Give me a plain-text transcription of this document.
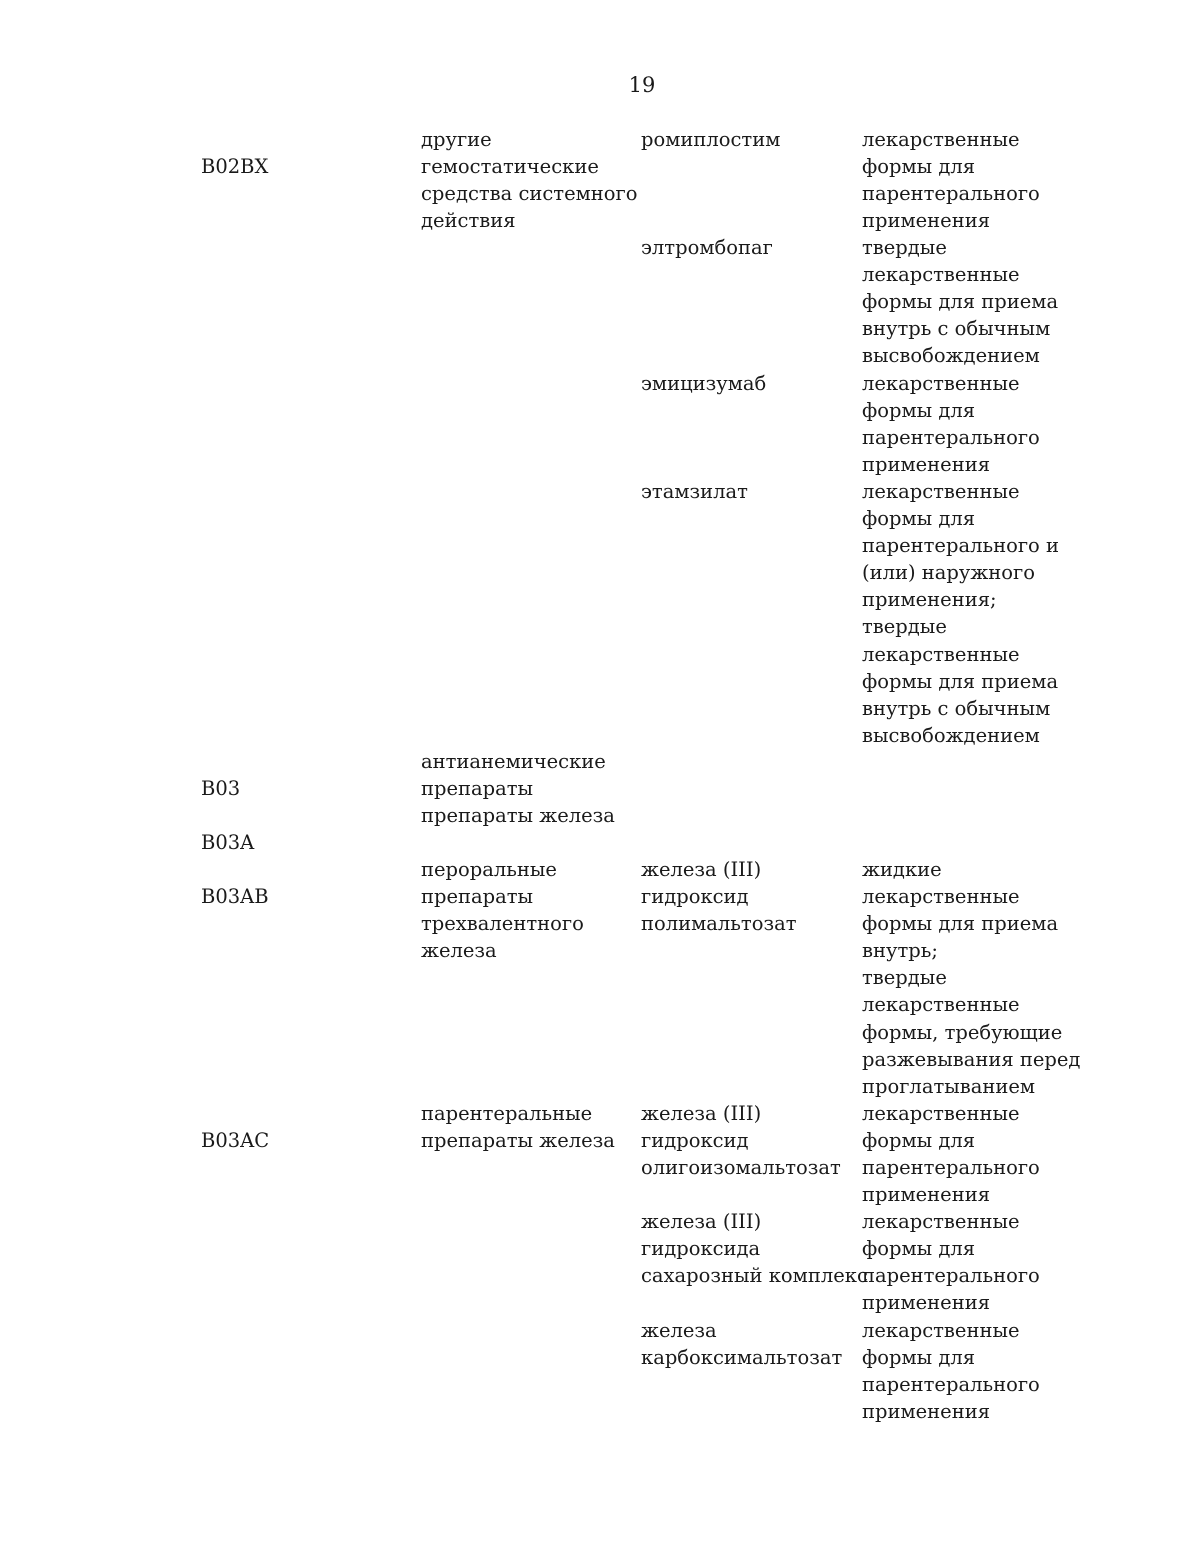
19

B02BX

B03

B03A

B03AB

B03AC

другие
гемостатические
средства системного
действия

антианемические
препараты
препараты железа

пероральные
препараты
трехвалентного
железа

парентеральные
препараты железа

ромиплостим

элтромбопаг

эмицизумаб

этамзилат

железа (III)
гидроксид
полимальтозат

железа (III)
гидроксид
олигоизомальтозат

железа (III)
гидроксида
сахарозный комплекс

железа
карбоксимальтозат

лекарственные
формы для
парентерального
применения

твердые
лекарственные
формы для приема
внутрь с обычным
высвобождением

лекарственные
формы для
парентерального
применения

лекарственные
формы для
парентерального и
(или) наружного
применения;
твердые
лекарственные
формы для приема
внутрь с обычным
высвобождением

жидкие
лекарственные
формы для приема
внутрь;
твердые
лекарственные
формы, требующие
разжевывания перед
проглатыванием

лекарственные
формы для
парентерального
применения

лекарственные
формы для
парентерального
применения

лекарственные
формы для
парентерального
применения
